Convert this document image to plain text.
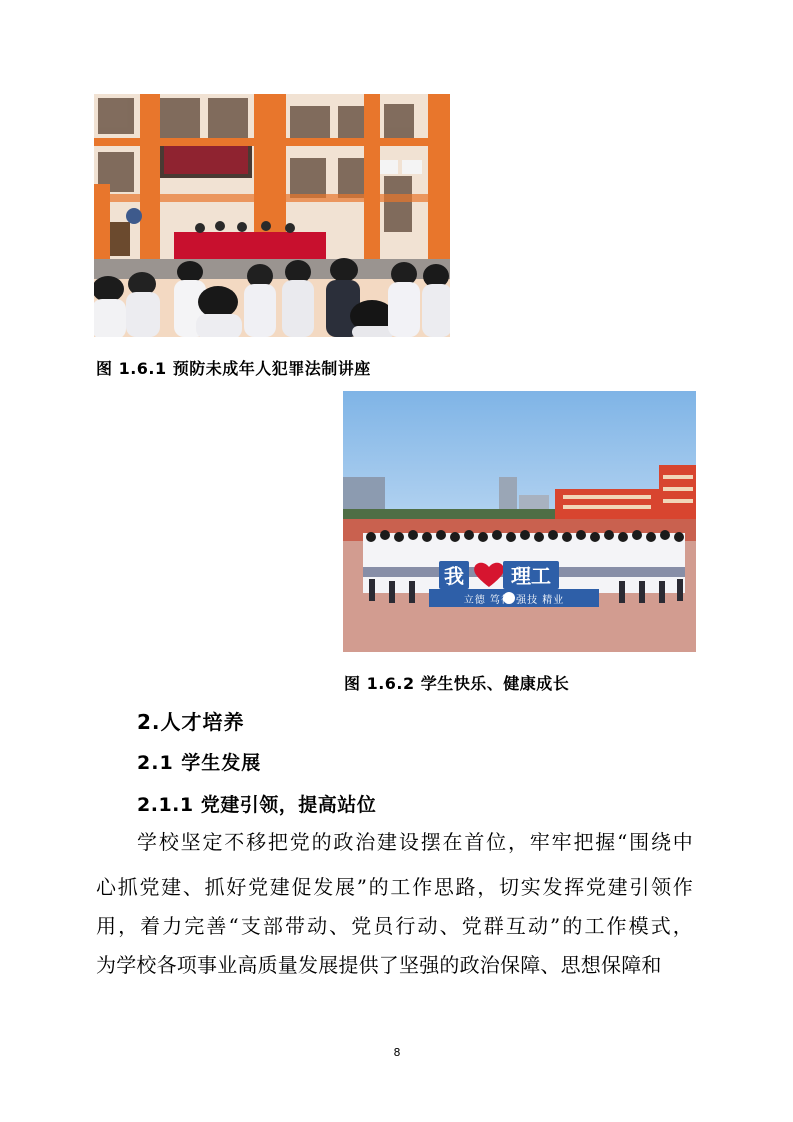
图 1.6.1 预防未成年人犯罪法制讲座
我 理工
立德 笃行 强技 精业
图 1.6.2 学生快乐、健康成长
2.人才培养
2.1 学生发展
2.1.1 党建引领，提高站位
学校坚定不移把党的政治建设摆在首位，牢牢把握“围绕中
心抓党建、抓好党建促发展”的工作思路，切实发挥党建引领作
用，着力完善“支部带动、党员行动、党群互动”的工作模式，
为学校各项事业高质量发展提供了坚强的政治保障、思想保障和
8
